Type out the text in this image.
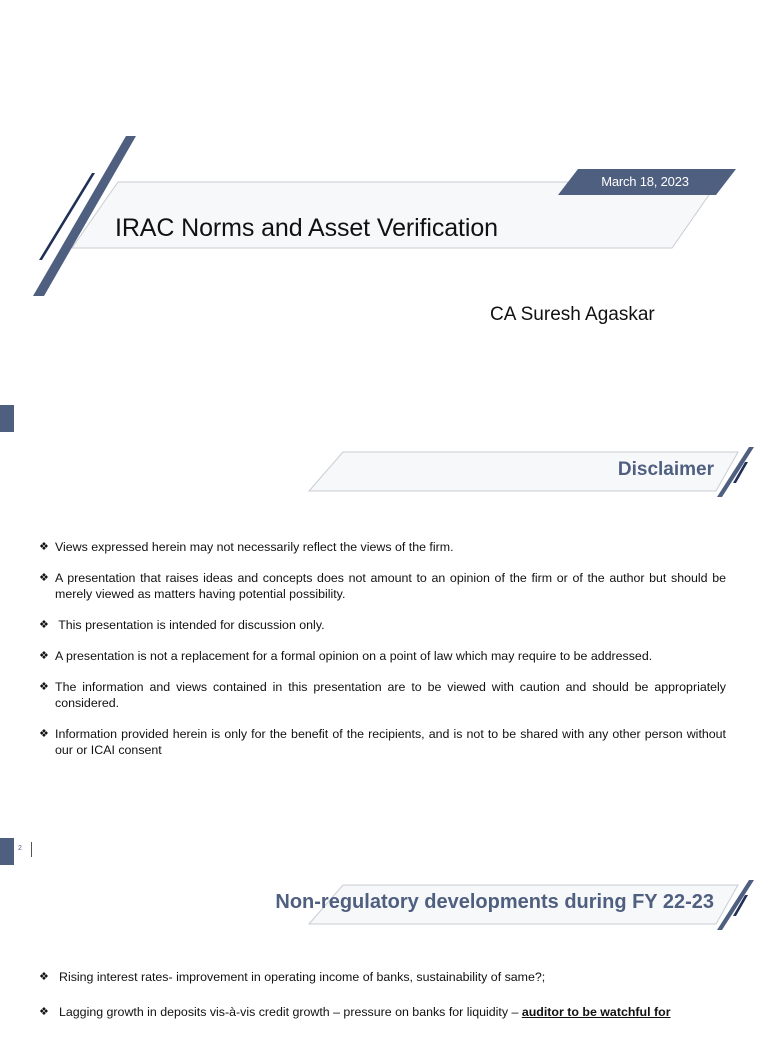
March 18, 2023
IRAC Norms and Asset Verification
CA Suresh Agaskar
Disclaimer
❖ Views expressed herein may not necessarily reflect the views of the firm.
❖ A presentation that raises ideas and concepts does not amount to an opinion of the firm or of the author but should be merely viewed as matters having potential possibility.
❖ This presentation is intended for discussion only.
❖ A presentation is not a replacement for a formal opinion on a point of law which may require to be addressed.
❖ The information and views contained in this presentation are to be viewed with caution and should be appropriately considered.
❖ Information provided herein is only for the benefit of the recipients, and is not to be shared with any other person without our or ICAI consent
2
Non-regulatory developments during FY 22-23
❖ Rising interest rates- improvement in operating income of banks, sustainability of same?;
❖ Lagging growth in deposits vis-à-vis credit growth – pressure on banks for liquidity – auditor to be watchful for
